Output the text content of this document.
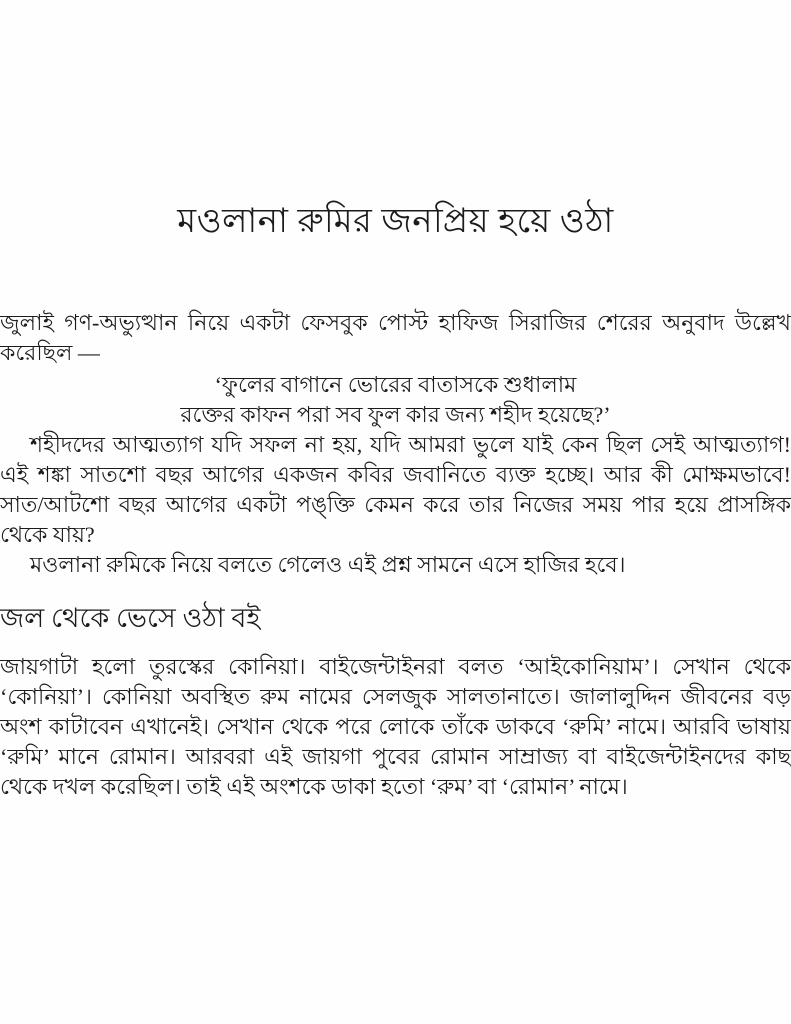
মওলানা রুমির জনপ্রিয় হয়ে ওঠা

জুলাই গণ-অভ্যুত্থান নিয়ে একটা ফেসবুক পোস্ট হাফিজ সিরাজির শেরের অনুবাদ উল্লেখ করেছিল —

‘ফুলের বাগানে ভোরের বাতাসকে শুধালাম
রক্তের কাফন পরা সব ফুল কার জন্য শহীদ হয়েছে?’

শহীদদের আত্মত্যাগ যদি সফল না হয়, যদি আমরা ভুলে যাই কেন ছিল সেই আত্মত্যাগ! এই শঙ্কা সাতশো বছর আগের একজন কবির জবানিতে ব্যক্ত হচ্ছে। আর কী মোক্ষমভাবে! সাত/আটশো বছর আগের একটা পঙ্‌ক্তি কেমন করে তার নিজের সময় পার হয়ে প্রাসঙ্গিক থেকে যায়?

মওলানা রুমিকে নিয়ে বলতে গেলেও এই প্রশ্ন সামনে এসে হাজির হবে।

জল থেকে ভেসে ওঠা বই

জায়গাটা হলো তুরস্কের কোনিয়া। বাইজেন্টাইনরা বলত ‘আইকোনিয়াম’। সেখান থেকে ‘কোনিয়া’। কোনিয়া অবস্থিত রুম নামের সেলজুক সালতানাতে। জালালুদ্দিন জীবনের বড় অংশ কাটাবেন এখানেই। সেখান থেকে পরে লোকে তাঁকে ডাকবে ‘রুমি’ নামে। আরবি ভাষায় ‘রুমি’ মানে রোমান। আরবরা এই জায়গা পুবের রোমান সাম্রাজ্য বা বাইজেন্টাইনদের কাছ থেকে দখল করেছিল। তাই এই অংশকে ডাকা হতো ‘রুম’ বা ‘রোমান’ নামে।
